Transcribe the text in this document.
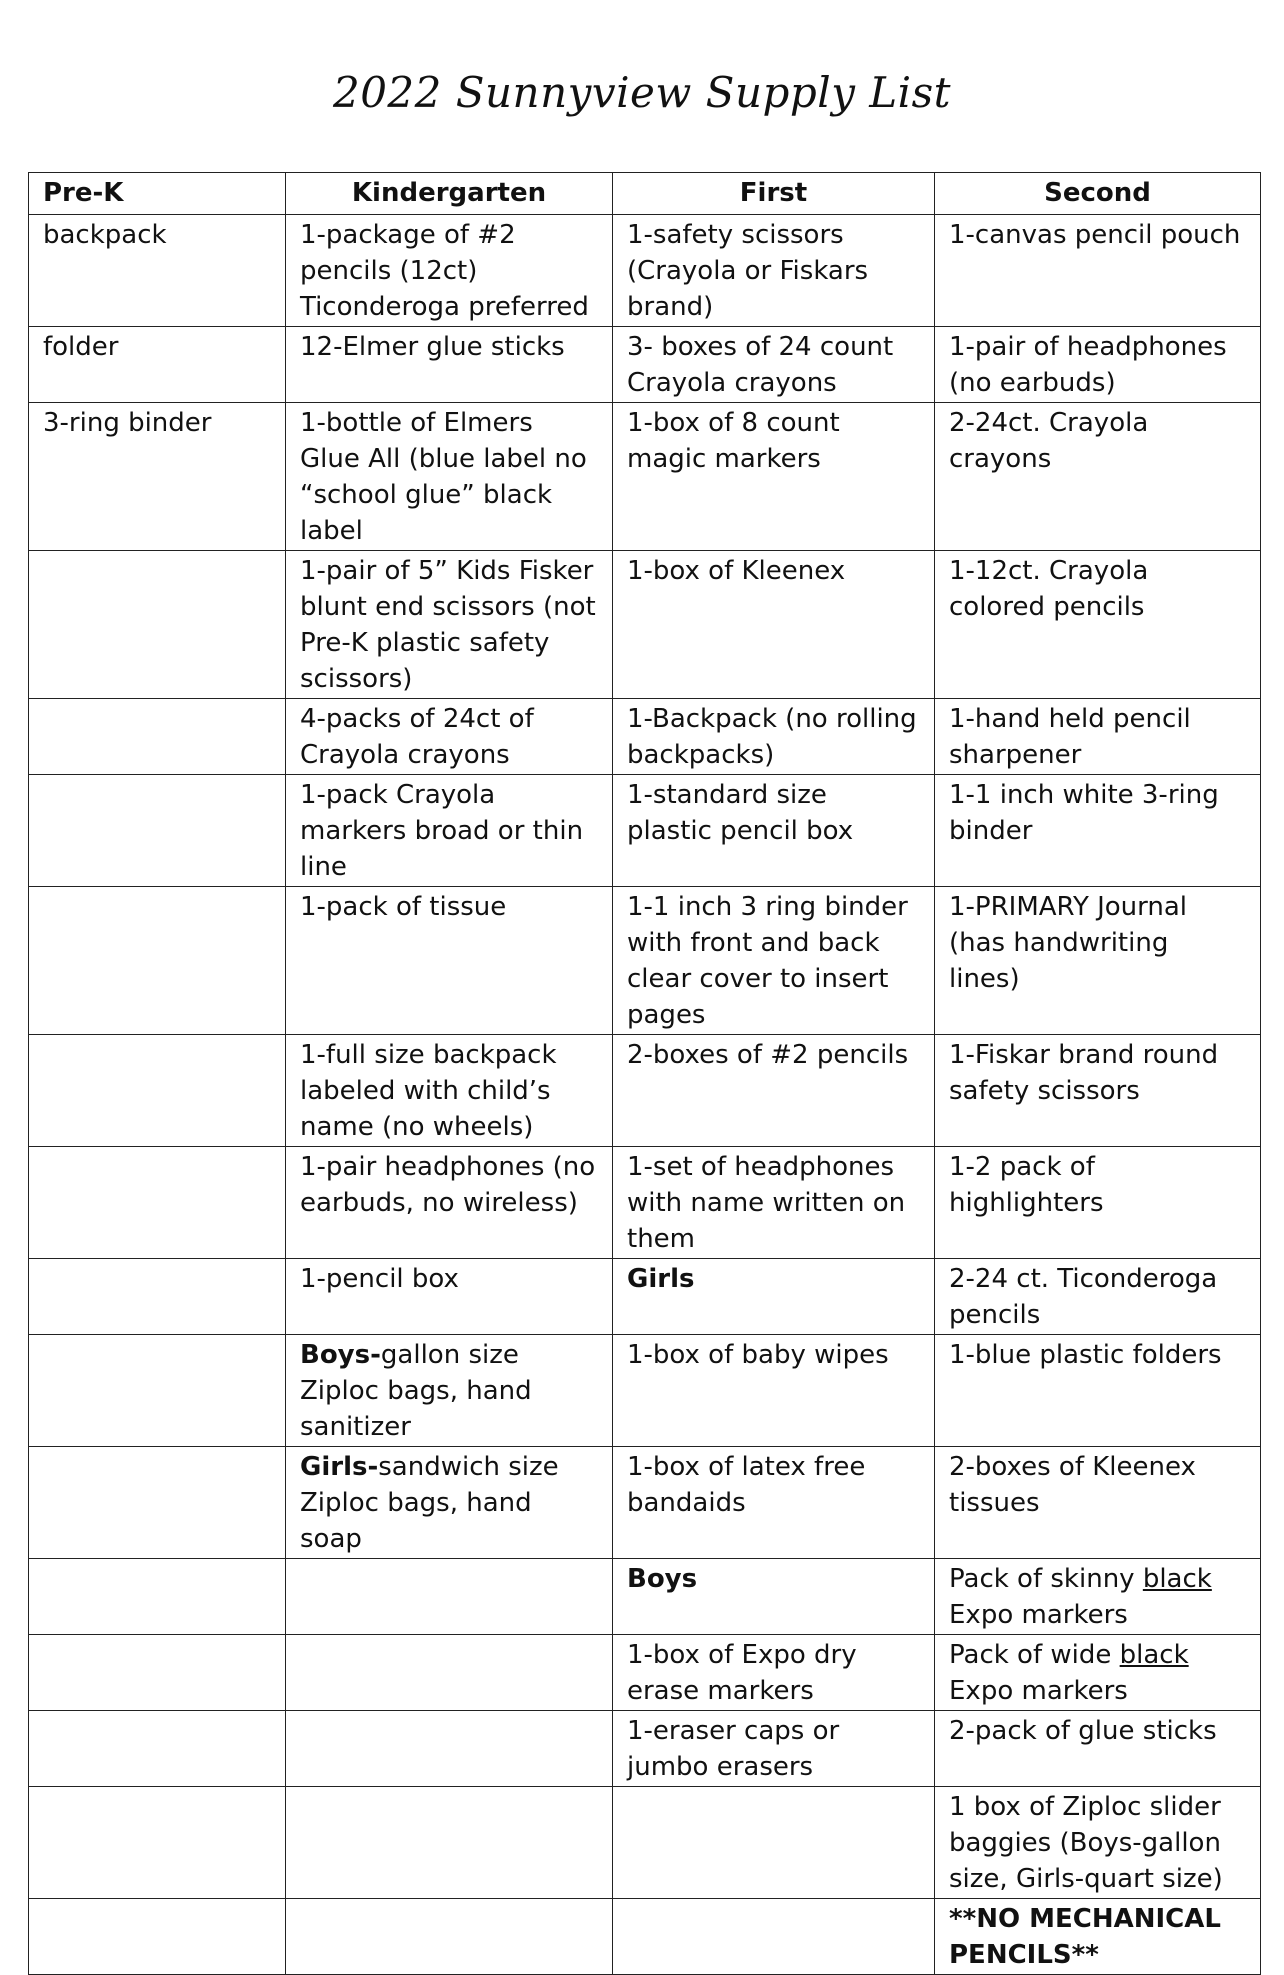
2022 Sunnyview Supply List
Pre-K	Kindergarten	First	Second
backpack	1-package of #2 pencils (12ct) Ticonderoga preferred	1-safety scissors (Crayola or Fiskars brand)	1-canvas pencil pouch
folder	12-Elmer glue sticks	3- boxes of 24 count Crayola crayons	1-pair of headphones (no earbuds)
3-ring binder	1-bottle of Elmers Glue All (blue label no “school glue” black label	1-box of 8 count magic markers	2-24ct. Crayola crayons
	1-pair of 5” Kids Fisker blunt end scissors (not Pre-K plastic safety scissors)	1-box of Kleenex	1-12ct. Crayola colored pencils
	4-packs of 24ct of Crayola crayons	1-Backpack (no rolling backpacks)	1-hand held pencil sharpener
	1-pack Crayola markers broad or thin line	1-standard size plastic pencil box	1-1 inch white 3-ring binder
	1-pack of tissue	1-1 inch 3 ring binder with front and back clear cover to insert pages	1-PRIMARY Journal (has handwriting lines)
	1-full size backpack labeled with child’s name (no wheels)	2-boxes of #2 pencils	1-Fiskar brand round safety scissors
	1-pair headphones (no earbuds, no wireless)	1-set of headphones with name written on them	1-2 pack of highlighters
	1-pencil box	Girls	2-24 ct. Ticonderoga pencils
	Boys-gallon size Ziploc bags, hand sanitizer	1-box of baby wipes	1-blue plastic folders
	Girls-sandwich size Ziploc bags, hand soap	1-box of latex free bandaids	2-boxes of Kleenex tissues
		Boys	Pack of skinny black Expo markers
		1-box of Expo dry erase markers	Pack of wide black Expo markers
		1-eraser caps or jumbo erasers	2-pack of glue sticks
			1 box of Ziploc slider baggies (Boys-gallon size, Girls-quart size)
			**NO MECHANICAL PENCILS**
